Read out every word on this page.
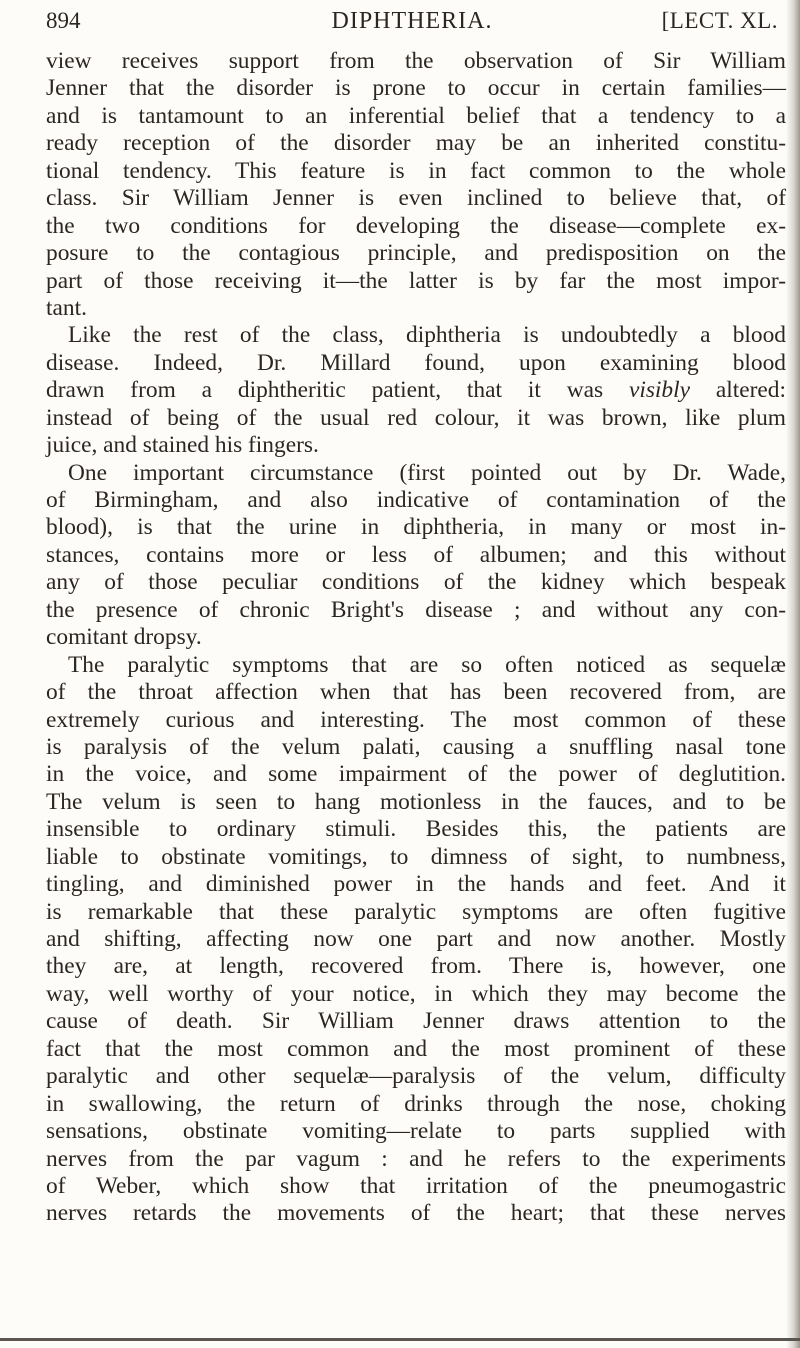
894	DIPHTHERIA.	[LECT. XL.
view receives support from the observation of Sir William
Jenner that the disorder is prone to occur in certain families—
and is tantamount to an inferential belief that a tendency to a
ready reception of the disorder may be an inherited constitu-
tional tendency. This feature is in fact common to the whole
class. Sir William Jenner is even inclined to believe that, of
the two conditions for developing the disease—complete ex-
posure to the contagious principle, and predisposition on the
part of those receiving it—the latter is by far the most impor-
tant.
Like the rest of the class, diphtheria is undoubtedly a blood
disease. Indeed, Dr. Millard found, upon examining blood
drawn from a diphtheritic patient, that it was visibly altered:
instead of being of the usual red colour, it was brown, like plum
juice, and stained his fingers.
One important circumstance (first pointed out by Dr. Wade,
of Birmingham, and also indicative of contamination of the
blood), is that the urine in diphtheria, in many or most in-
stances, contains more or less of albumen; and this without
any of those peculiar conditions of the kidney which bespeak
the presence of chronic Bright's disease ; and without any con-
comitant dropsy.
The paralytic symptoms that are so often noticed as sequelæ
of the throat affection when that has been recovered from, are
extremely curious and interesting. The most common of these
is paralysis of the velum palati, causing a snuffling nasal tone
in the voice, and some impairment of the power of deglutition.
The velum is seen to hang motionless in the fauces, and to be
insensible to ordinary stimuli. Besides this, the patients are
liable to obstinate vomitings, to dimness of sight, to numbness,
tingling, and diminished power in the hands and feet. And it
is remarkable that these paralytic symptoms are often fugitive
and shifting, affecting now one part and now another. Mostly
they are, at length, recovered from. There is, however, one
way, well worthy of your notice, in which they may become the
cause of death. Sir William Jenner draws attention to the
fact that the most common and the most prominent of these
paralytic and other sequelæ—paralysis of the velum, difficulty
in swallowing, the return of drinks through the nose, choking
sensations, obstinate vomiting—relate to parts supplied with
nerves from the par vagum : and he refers to the experiments
of Weber, which show that irritation of the pneumogastric
nerves retards the movements of the heart; that these nerves
